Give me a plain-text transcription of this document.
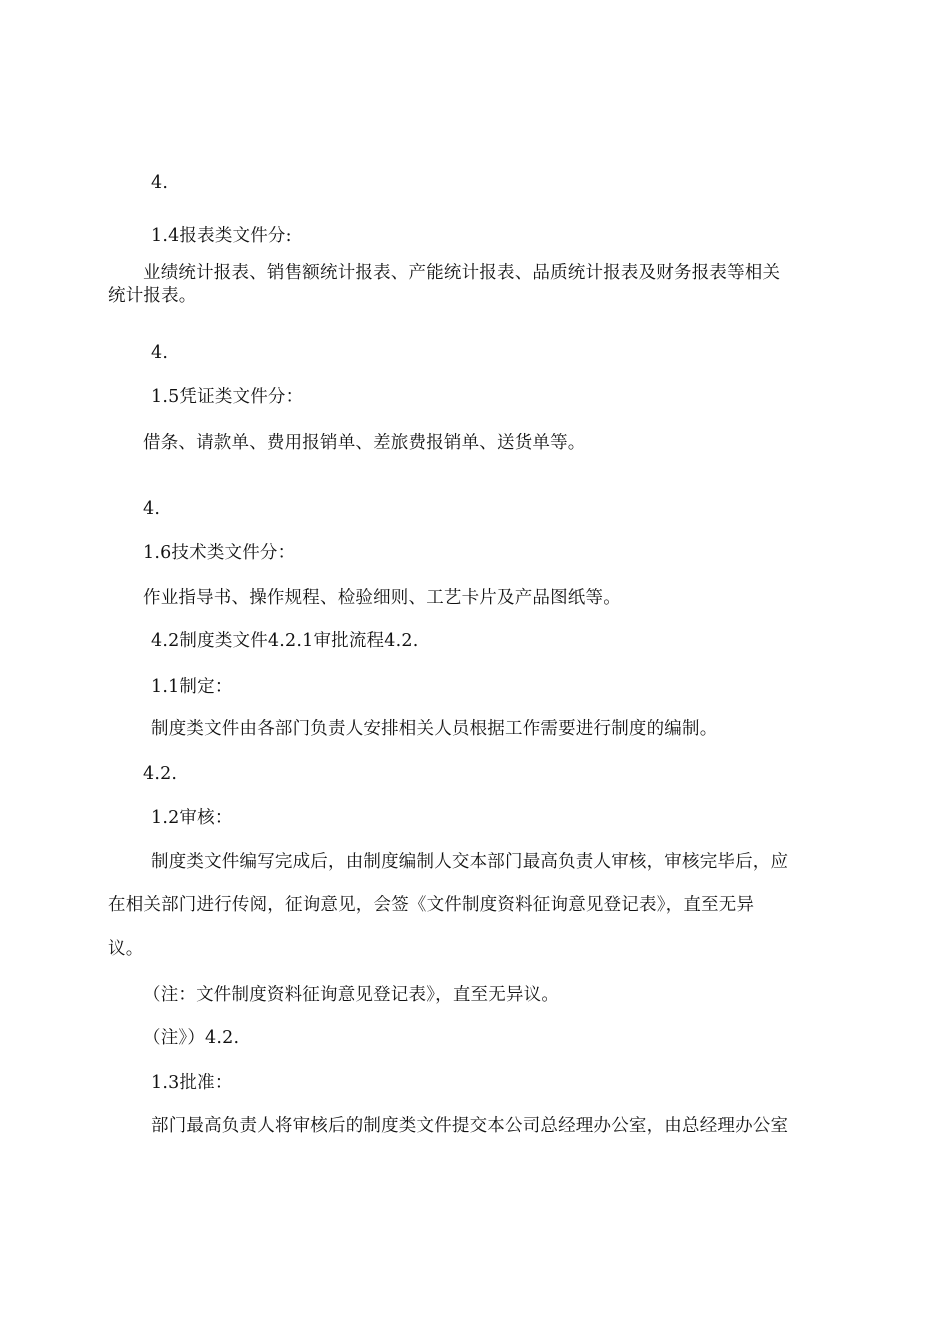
4.
1.4报表类文件分:
业绩统计报表、销售额统计报表、产能统计报表、品质统计报表及财务报表等相关
统计报表。
4.
1.5凭证类文件分：
借条、请款单、费用报销单、差旅费报销单、送货单等。
4.
1.6技术类文件分：
作业指导书、操作规程、检验细则、工艺卡片及产品图纸等。
4.2制度类文件4.2.1审批流程4.2.
1.1制定：
制度类文件由各部门负责人安排相关人员根据工作需要进行制度的编制。
4.2.
1.2审核：
制度类文件编写完成后，由制度编制人交本部门最高负责人审核，审核完毕后，应
在相关部门进行传阅，征询意见，会签《文件制度资料征询意见登记表》，直至无异
议。
（注：文件制度资料征询意见登记表》，直至无异议。
（注》）4.2.
1.3批准：
部门最高负责人将审核后的制度类文件提交本公司总经理办公室，由总经理办公室
